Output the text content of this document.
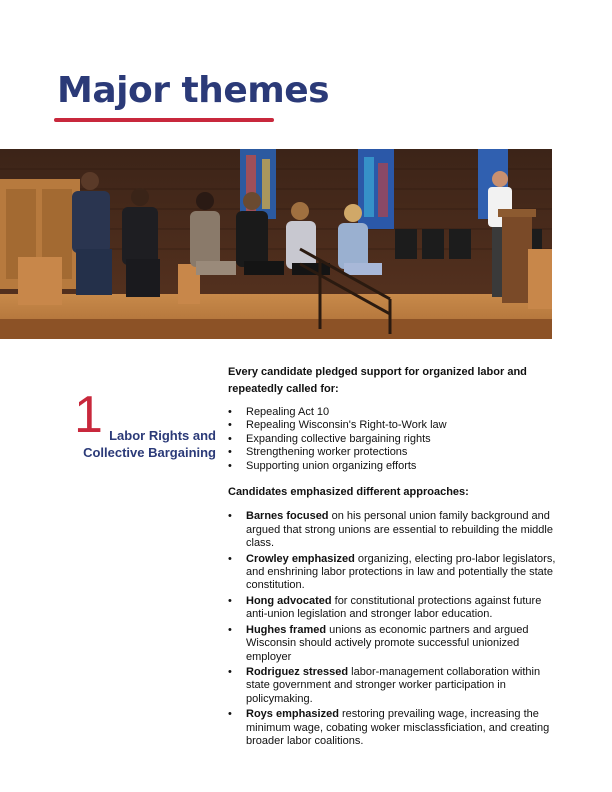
Major themes
1 Labor Rights and
Collective Bargaining

Every candidate pledged support for organized labor and repeatedly called for:

• Repealing Act 10
• Repealing Wisconsin's Right-to-Work law
• Expanding collective bargaining rights
• Strengthening worker protections
• Supporting union organizing efforts

Candidates emphasized different approaches:

• Barnes focused on his personal union family background and argued that strong unions are essential to rebuilding the middle class.
• Crowley emphasized organizing, electing pro-labor legislators, and enshrining labor protections in law and potentially the state constitution.
• Hong advocated for constitutional protections against future anti-union legislation and stronger labor education.
• Hughes framed unions as economic partners and argued Wisconsin should actively promote successful unionized employer
• Rodriguez stressed labor-management collaboration within state government and stronger worker participation in policymaking.
• Roys emphasized restoring prevailing wage, increasing the minimum wage, cobating woker misclassficiation, and creating broader labor coalitions.
